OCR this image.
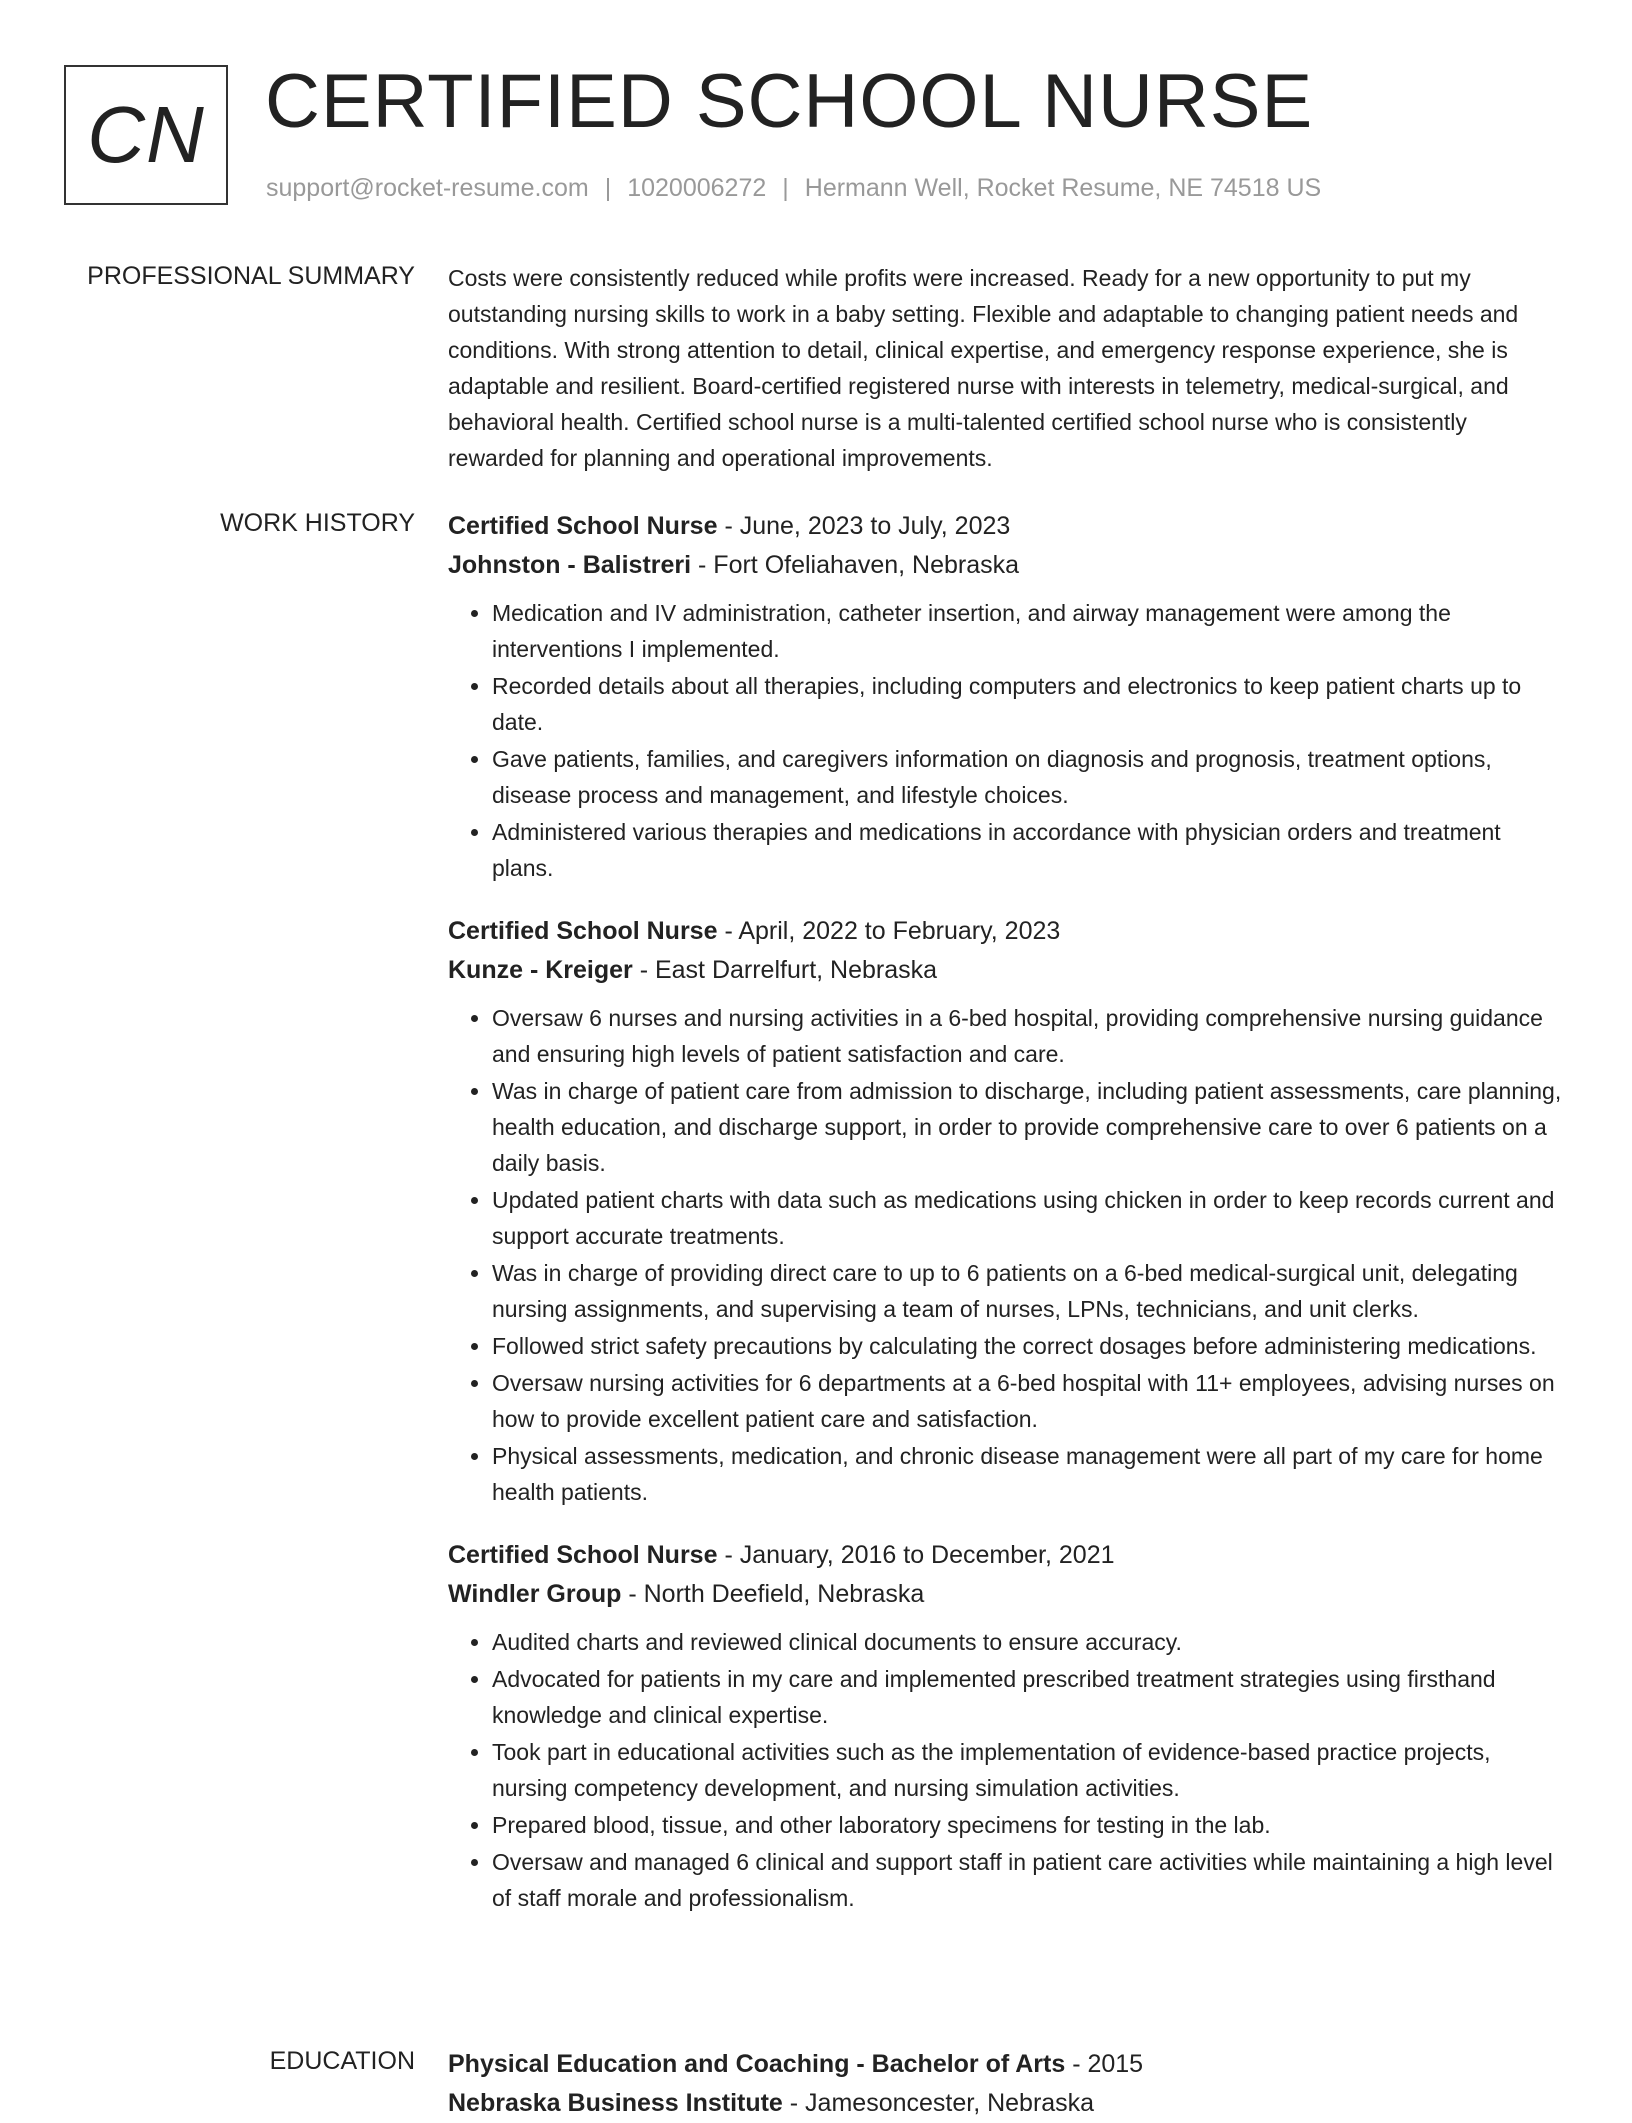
CN CERTIFIED SCHOOL NURSE
support@rocket-resume.com | 1020006272 | Hermann Well, Rocket Resume, NE 74518 US
PROFESSIONAL SUMMARY Costs were consistently reduced while profits were increased. Ready for a new opportunity to put my outstanding nursing skills to work in a baby setting. Flexible and adaptable to changing patient needs and conditions. With strong attention to detail, clinical expertise, and emergency response experience, she is adaptable and resilient. Board-certified registered nurse with interests in telemetry, medical-surgical, and behavioral health. Certified school nurse is a multi-talented certified school nurse who is consistently rewarded for planning and operational improvements.

WORK HISTORY Certified School Nurse - June, 2023 to July, 2023
Johnston - Balistreri - Fort Ofeliahaven, Nebraska
• Medication and IV administration, catheter insertion, and airway management were among the interventions I implemented.
• Recorded details about all therapies, including computers and electronics to keep patient charts up to date.
• Gave patients, families, and caregivers information on diagnosis and prognosis, treatment options, disease process and management, and lifestyle choices.
• Administered various therapies and medications in accordance with physician orders and treatment plans.
Certified School Nurse - April, 2022 to February, 2023
Kunze - Kreiger - East Darrelfurt, Nebraska
• Oversaw 6 nurses and nursing activities in a 6-bed hospital, providing comprehensive nursing guidance and ensuring high levels of patient satisfaction and care.
• Was in charge of patient care from admission to discharge, including patient assessments, care planning, health education, and discharge support, in order to provide comprehensive care to over 6 patients on a daily basis.
• Updated patient charts with data such as medications using chicken in order to keep records current and support accurate treatments.
• Was in charge of providing direct care to up to 6 patients on a 6-bed medical-surgical unit, delegating nursing assignments, and supervising a team of nurses, LPNs, technicians, and unit clerks.
• Followed strict safety precautions by calculating the correct dosages before administering medications.
• Oversaw nursing activities for 6 departments at a 6-bed hospital with 11+ employees, advising nurses on how to provide excellent patient care and satisfaction.
• Physical assessments, medication, and chronic disease management were all part of my care for home health patients.
Certified School Nurse - January, 2016 to December, 2021
Windler Group - North Deefield, Nebraska
• Audited charts and reviewed clinical documents to ensure accuracy.
• Advocated for patients in my care and implemented prescribed treatment strategies using firsthand knowledge and clinical expertise.
• Took part in educational activities such as the implementation of evidence-based practice projects, nursing competency development, and nursing simulation activities.
• Prepared blood, tissue, and other laboratory specimens for testing in the lab.
• Oversaw and managed 6 clinical and support staff in patient care activities while maintaining a high level of staff morale and professionalism.
EDUCATION Physical Education and Coaching - Bachelor of Arts - 2015
Nebraska Business Institute - Jamesoncester, Nebraska
